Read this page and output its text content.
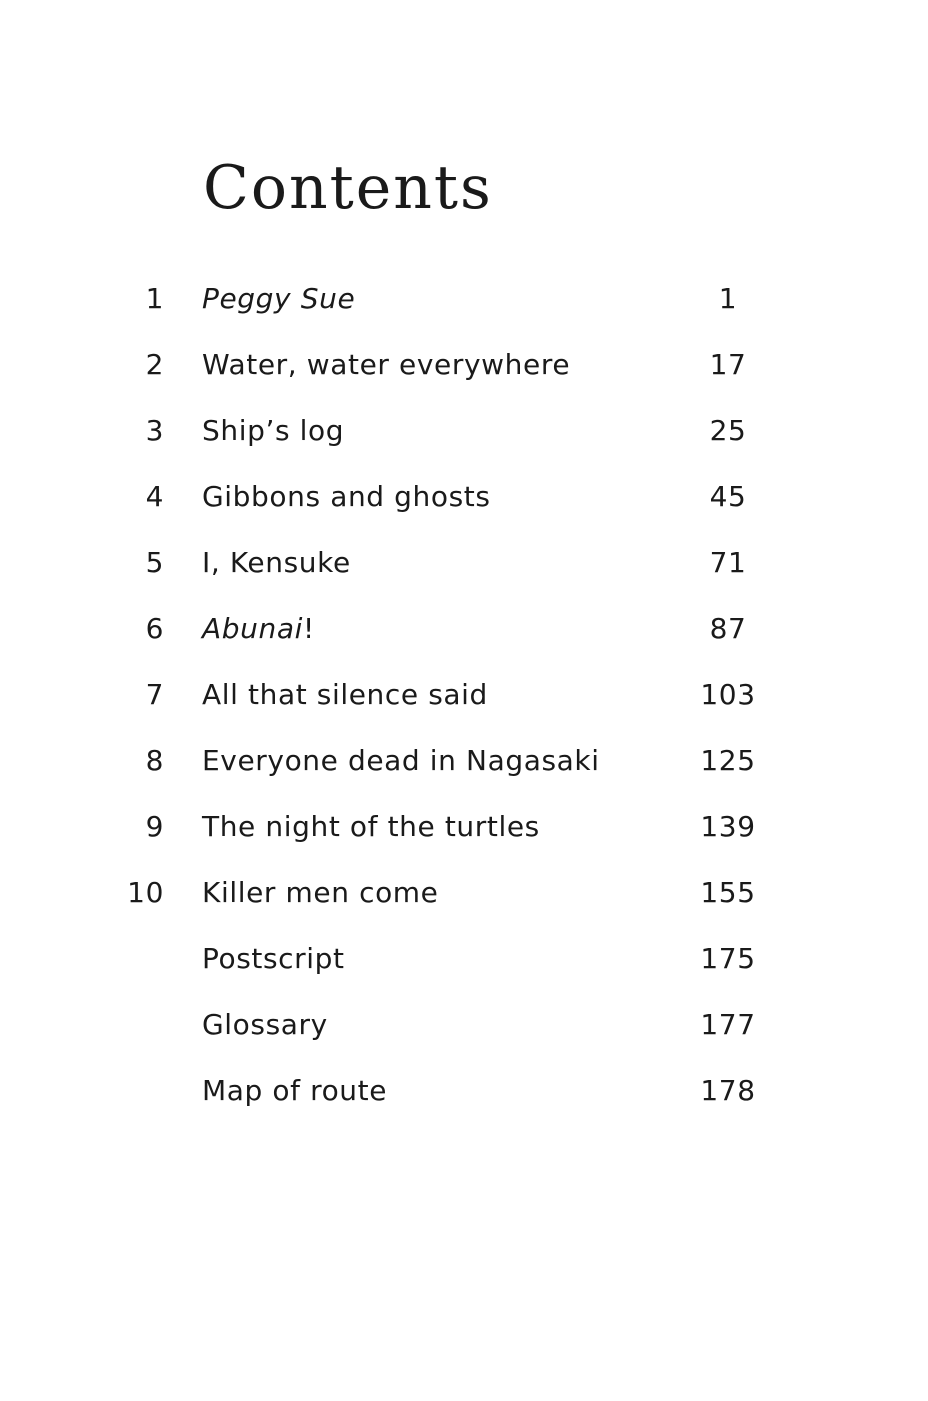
Contents
1 Peggy Sue	1
2 Water, water everywhere	17
3 Ship’s log	25
4 Gibbons and ghosts	45
5 I, Kensuke	71
6 Abunai!	87
7 All that silence said	103
8 Everyone dead in Nagasaki	125
9 The night of the turtles	139
10 Killer men come	155
Postscript	175
Glossary	177
Map of route	178
